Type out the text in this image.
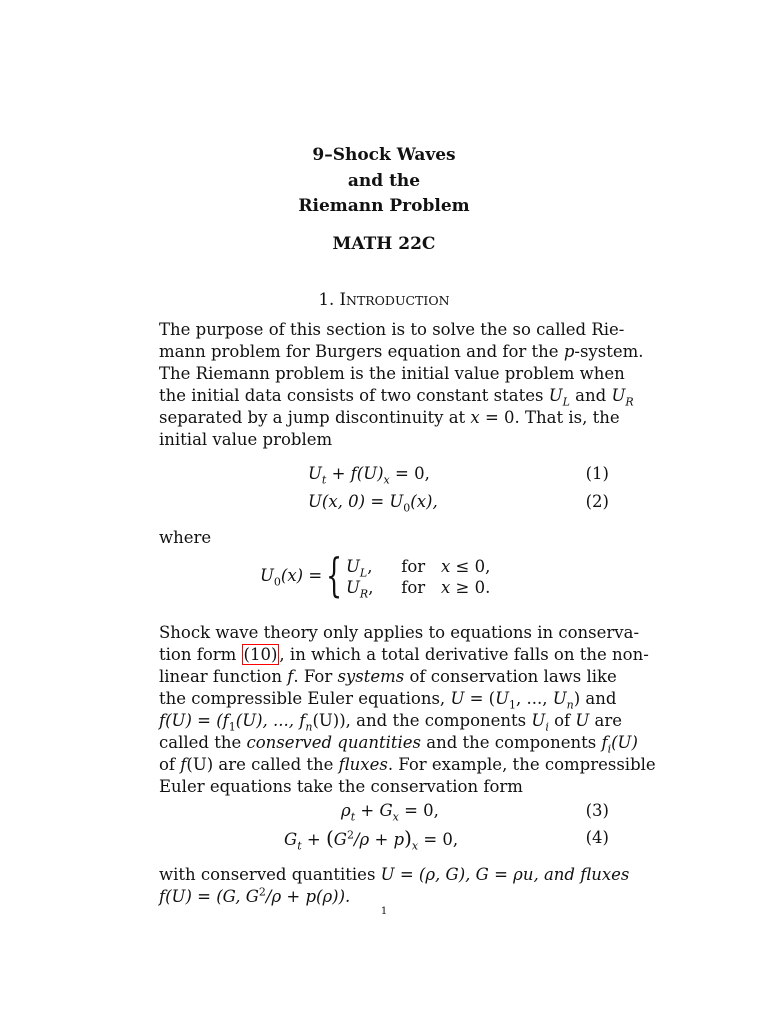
9–Shock Waves
and the
Riemann Problem
MATH 22C
1. INTRODUCTION
The purpose of this section is to solve the so called Rie-
mann problem for Burgers equation and for the p-system.
The Riemann problem is the initial value problem when
the initial data consists of two constant states $U_L$ and $U_R$
separated by a jump discontinuity at x = 0. That is, the
initial value problem
$U_t + f(U)_x = 0$,	(1)
U(x, $0) = U_0(x)$,	(2)
where
$U_0(x)$ = { $U_L$, for x ≤ 0,
$U_R$, for x ≥ 0.
Shock wave theory only applies to equations in conserva-
tion form (10) , in which a total derivative falls on the non-
linear function f. For systems of conservation laws like
the compressible Euler equations, $U = (U_1$, ..., $U_n$) and
$f(U) = (f_1(U)$, ..., $f_n(U)$), and the components $U_i$ of U are
called the conserved quantities and the components $f_i(U)$
of f(U) are called the fluxes. For example, the compressible
Euler equations take the conservation form
$\rho_t + G_x = 0$,	(3)
$G_t + (G^2/\rho + p)_x = 0$,	(4)
with conserved quantities U = (ρ, G), G = ρu, and fluxes
f(U) = (G, $G^2/\rho + p(\rho)$).
1
